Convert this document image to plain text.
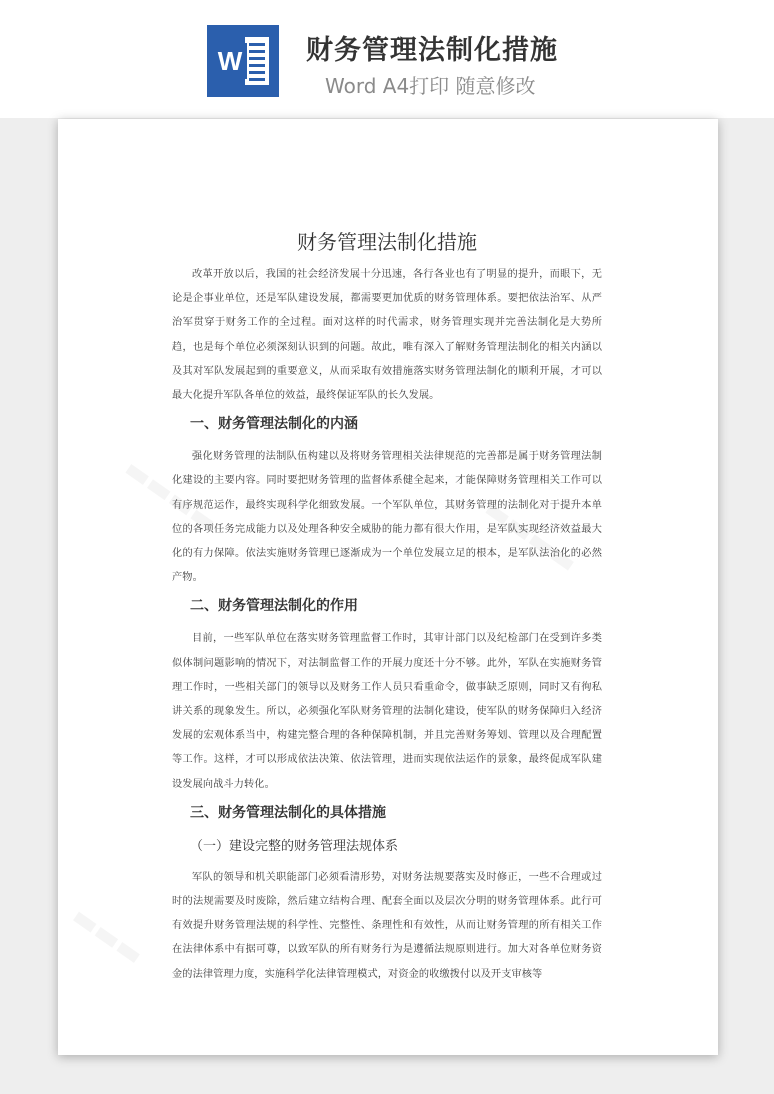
W 财务管理法制化措施
Word A4打印 随意修改
▬▬▬▬	▬▬▬▬
▬▬▬
财务管理法制化措施

改革开放以后，我国的社会经济发展十分迅速，各行各业也有了明显的提升，而眼下，无论是企事业单位，还是军队建设发展，都需要更加优质的财务管理体系。要把依法治军、从严治军贯穿于财务工作的全过程。面对这样的时代需求，财务管理实现并完善法制化是大势所趋，也是每个单位必须深刻认识到的问题。故此，唯有深入了解财务管理法制化的相关内涵以及其对军队发展起到的重要意义，从而采取有效措施落实财务管理法制化的顺利开展，才可以最大化提升军队各单位的效益，最终保证军队的长久发展。

一、财务管理法制化的内涵

强化财务管理的法制队伍构建以及将财务管理相关法律规范的完善都是属于财务管理法制化建设的主要内容。同时要把财务管理的监督体系健全起来，才能保障财务管理相关工作可以有序规范运作，最终实现科学化细致发展。一个军队单位，其财务管理的法制化对于提升本单位的各项任务完成能力以及处理各种安全威胁的能力都有很大作用，是军队实现经济效益最大化的有力保障。依法实施财务管理已逐渐成为一个单位发展立足的根本，是军队法治化的必然产物。

二、财务管理法制化的作用

目前，一些军队单位在落实财务管理监督工作时，其审计部门以及纪检部门在受到许多类似体制问题影响的情况下，对法制监督工作的开展力度还十分不够。此外，军队在实施财务管理工作时，一些相关部门的领导以及财务工作人员只看重命令，做事缺乏原则，同时又有徇私讲关系的现象发生。所以，必须强化军队财务管理的法制化建设，使军队的财务保障归入经济发展的宏观体系当中，构建完整合理的各种保障机制，并且完善财务筹划、管理以及合理配置等工作。这样，才可以形成依法决策、依法管理，进而实现依法运作的景象，最终促成军队建设发展向战斗力转化。

三、财务管理法制化的具体措施
（一）建设完整的财务管理法规体系

军队的领导和机关职能部门必须看清形势，对财务法规要落实及时修正，一些不合理或过时的法规需要及时废除，然后建立结构合理、配套全面以及层次分明的财务管理体系。此行可有效提升财务管理法规的科学性、完整性、条理性和有效性，从而让财务管理的所有相关工作在法律体系中有据可尊，以致军队的所有财务行为是遵循法规原则进行。加大对各单位财务资金的法律管理力度，实施科学化法律管理模式，对资金的收缴拨付以及开支审核等
